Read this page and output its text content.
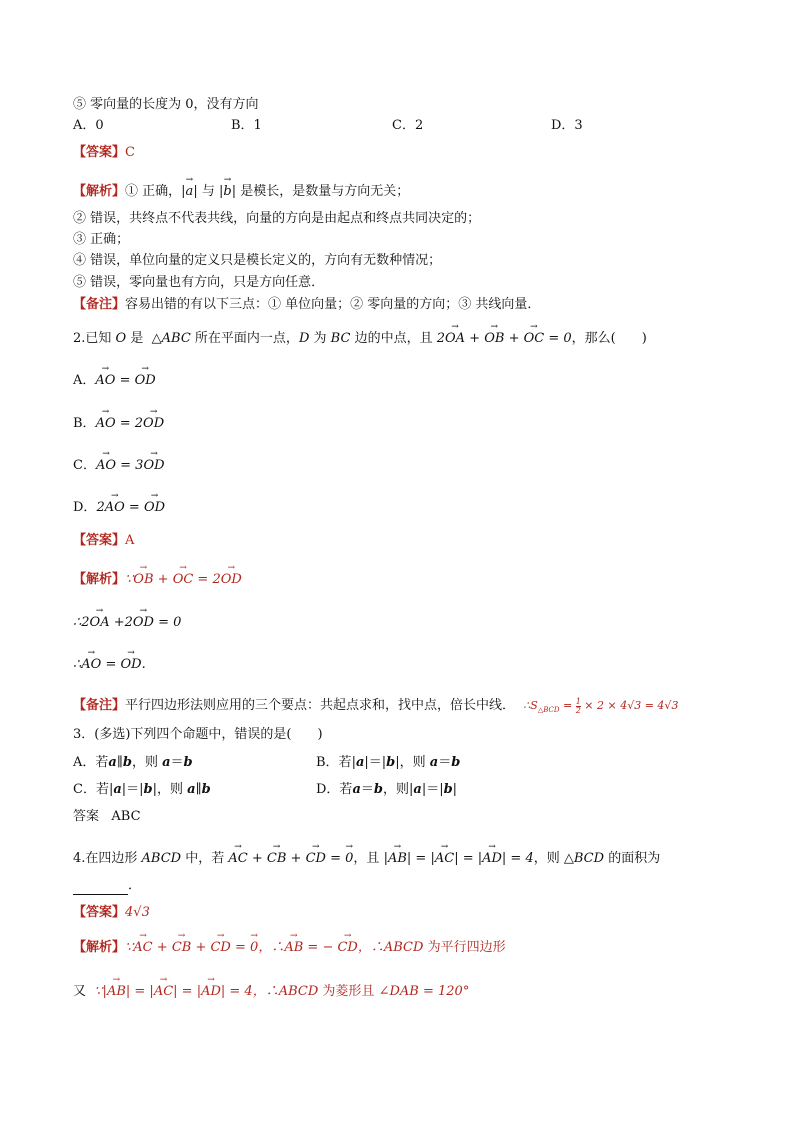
⑤ 零向量的长度为 0，没有方向
A．0	B．1	C．2	D．3
【答案】C
【解析】① 正确，|→ a| 与 |→ b| 是模长，是数量与方向无关；
② 错误，共终点不代表共线，向量的方向是由起点和终点共同决定的；
③ 正确；
④ 错误，单位向量的定义只是模长定义的，方向有无数种情况；
⑤ 错误，零向量也有方向，只是方向任意．
【备注】容易出错的有以下三点：① 单位向量；② 零向量的方向；③ 共线向量．
2.已知 O 是 △ABC 所在平面内一点，D 为 BC 边的中点，且 2→ OA + → OB + → OC = 0，那么(　　)
A．→ AO = → OD
B．→ AO = 2→ OD
C．→ AO = 3→ OD
D．2→ AO = → OD
【答案】A
【解析】∵→ OB + → OC = 2→ OD
∴2→ OA +2→ OD = 0
∴→ AO = → OD.
【备注】平行四边形法则应用的三个要点：共起点求和，找中点，倍长中线． $\therefore S_{\triangle BCD} = \frac{1}{2} \times 2 \times 4√3 = 4√3$
3．(多选)下列四个命题中，错误的是(　　)
A．若a∥b，则 a＝b	B．若|a|＝|b|，则 a＝b
C．若|a|＝|b|，则 a∥b	D．若a＝b，则|a|＝|b|
答案 ABC
4.在四边形 ABCD 中，若 → AC + → CB + → CD = → 0，且 |→ AB| = |→ AC| = |→ AD| = 4，则 △BCD 的面积为
．
【答案】4√3
【解析】∵→ AC + → CB + → CD = → 0，∴→ AB = − → CD，∴ABCD 为平行四边形
又 ∵|→ AB| = |→ AC| = |→ AD| = 4，∴ABCD 为菱形且 ∠DAB = 120°
